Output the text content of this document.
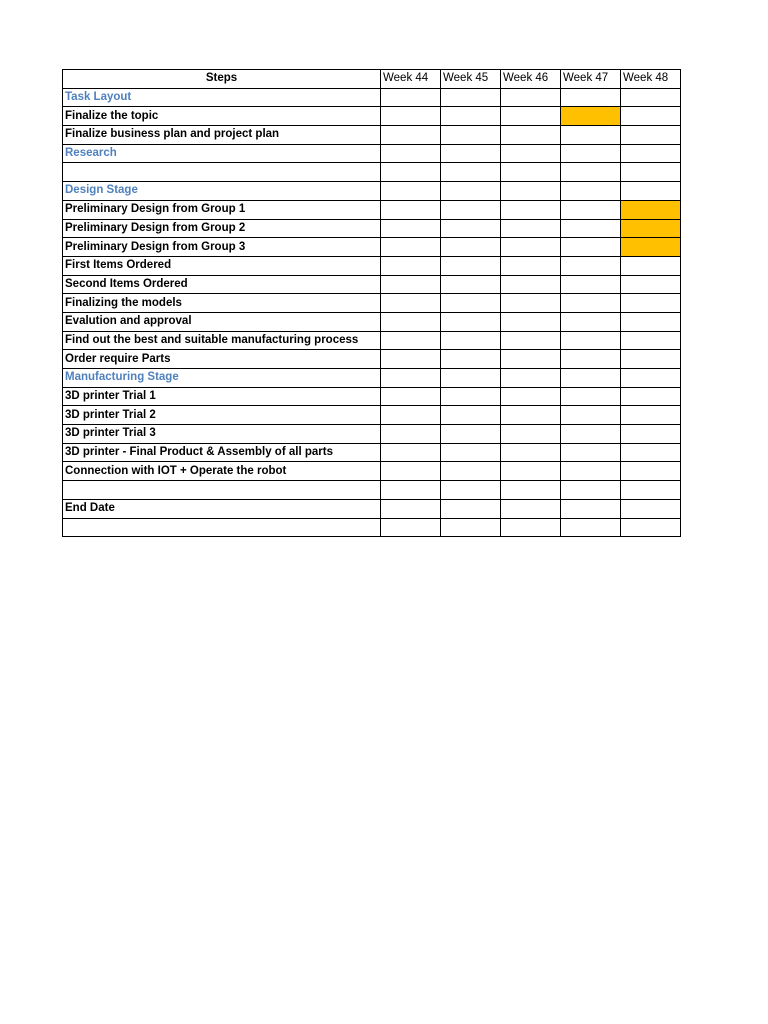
Steps	Week 44	Week 45	Week 46	Week 47	Week 48
Task Layout					
Finalize the topic					
Finalize business plan and project plan					
Research					

Design Stage					
Preliminary Design from Group 1					
Preliminary Design from Group 2					
Preliminary Design from Group 3					
First Items Ordered					
Second Items Ordered					
Finalizing the models					
Evalution and approval					
Find out the best and suitable manufacturing process					
Order require Parts					
Manufacturing Stage					
3D printer Trial 1					
3D printer Trial 2					
3D printer Trial 3					
3D printer - Final Product & Assembly of all parts					
Connection with IOT + Operate the robot					

End Date					
